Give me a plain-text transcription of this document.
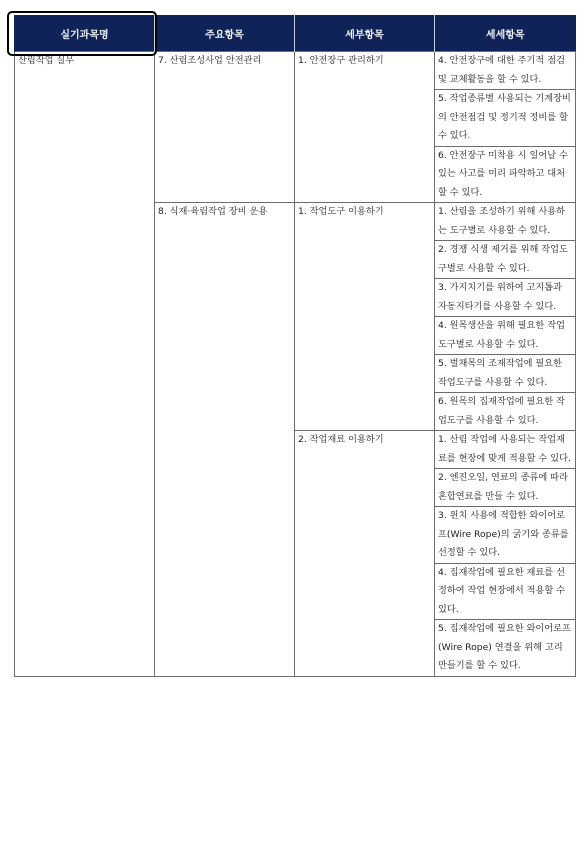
실기과목명	주요항목	세부항목	세세항목
산림작업 실무	7. 산림조성사업 안전관리	1. 안전장구 관리하기	4. 안전장구에 대한 주기적 점검 및 교체활동을 할 수 있다.
			5. 작업종류별 사용되는 기계장비의 안전점검 및 정기적 정비를 할 수 있다.
			6. 안전장구 미착용 시 일어날 수 있는 사고를 미리 파악하고 대처할 수 있다.
	8. 식재·육림작업 장비 운용	1. 작업도구 이용하기	1. 산림을 조성하기 위해 사용하는 도구별로 사용할 수 있다.
			2. 경쟁 식생 제거를 위해 작업도구별로 사용할 수 있다.
			3. 가지치기를 위하여 고지톱과 자동지타기를 사용할 수 있다.
			4. 원목생산을 위해 필요한 작업도구별로 사용할 수 있다.
			5. 벌채목의 조재작업에 필요한 작업도구를 사용할 수 있다.
			6. 원목의 집재작업에 필요한 작업도구를 사용할 수 있다.
		2. 작업재료 이용하기	1. 산림 작업에 사용되는 작업재료를 현장에 맞게 적용할 수 있다.
			2. 엔진오일, 연료의 종류에 따라 혼합연료를 만들 수 있다.
			3. 윈치 사용에 적합한 와이어로프(Wire Rope)의 굵기와 종류를 선정할 수 있다.
			4. 집재작업에 필요한 재료를 선정하여 작업 현장에서 적용할 수 있다.
			5. 집재작업에 필요한 와이어로프(Wire Rope) 연결을 위해 고리 만들기를 할 수 있다.
